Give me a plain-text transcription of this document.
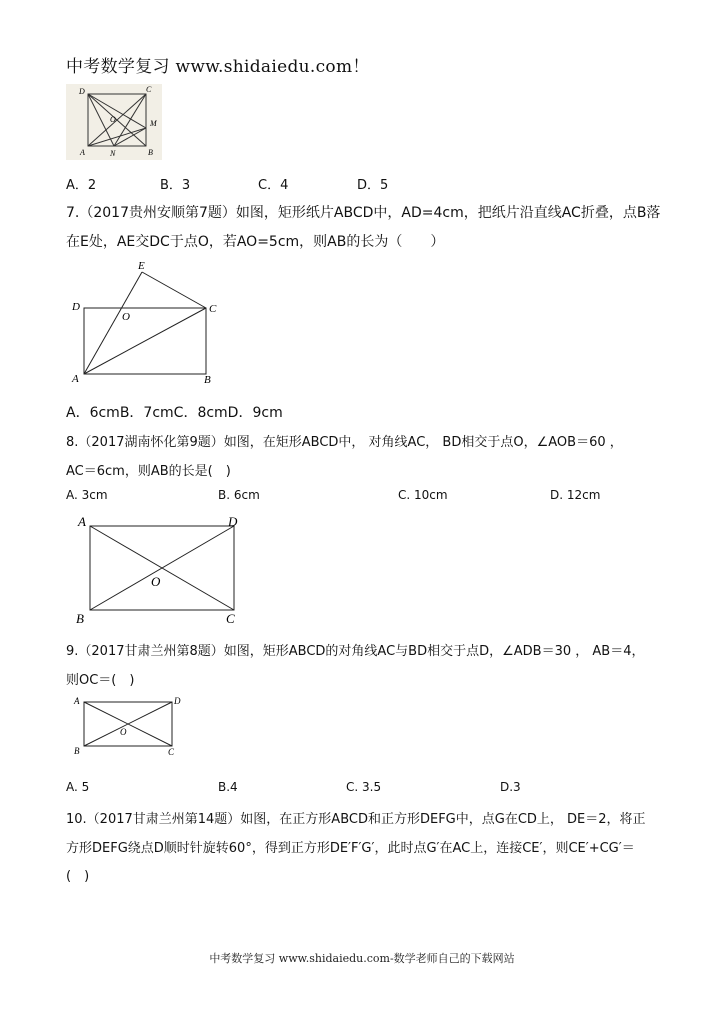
中考数学复习 www.shidaiedu.com！
D	C
O	M
A	N	B
A．2	B．3	C．4	D．5
7.（2017贵州安顺第7题）如图，矩形纸片ABCD中，AD=4cm，把纸片沿直线AC折叠，点B落
在E处，AE交DC于点O，若AO=5cm，则AB的长为（　　）
E
D
O
C
A	B
A．6cmB．7cmC．8cmD．9cm
8.（2017湖南怀化第9题）如图，在矩形ABCD中， 对角线AC， BD相交于点O，∠AOB＝60 ，
AC＝6cm，则AB的长是(　)
A. 3cm	B. 6cm	C. 10cm	D. 12cm
A	D
O
B	C
9.（2017甘肃兰州第8题）如图，矩形ABCD的对角线AC与BD相交于点D，∠ADB＝30 ， AB＝4，
则OC＝(　)
A	D
O
B	C
A. 5	B.4	C. 3.5	D.3
10.（2017甘肃兰州第14题）如图，在正方形ABCD和正方形DEFG中，点G在CD上， DE＝2，将正
方形DEFG绕点D顺时针旋转60°，得到正方形DE′F′G′，此时点G′在AC上，连接CE′，则CE′+CG′＝
(　)
中考数学复习 www.shidaiedu.com-数学老师自己的下载网站
